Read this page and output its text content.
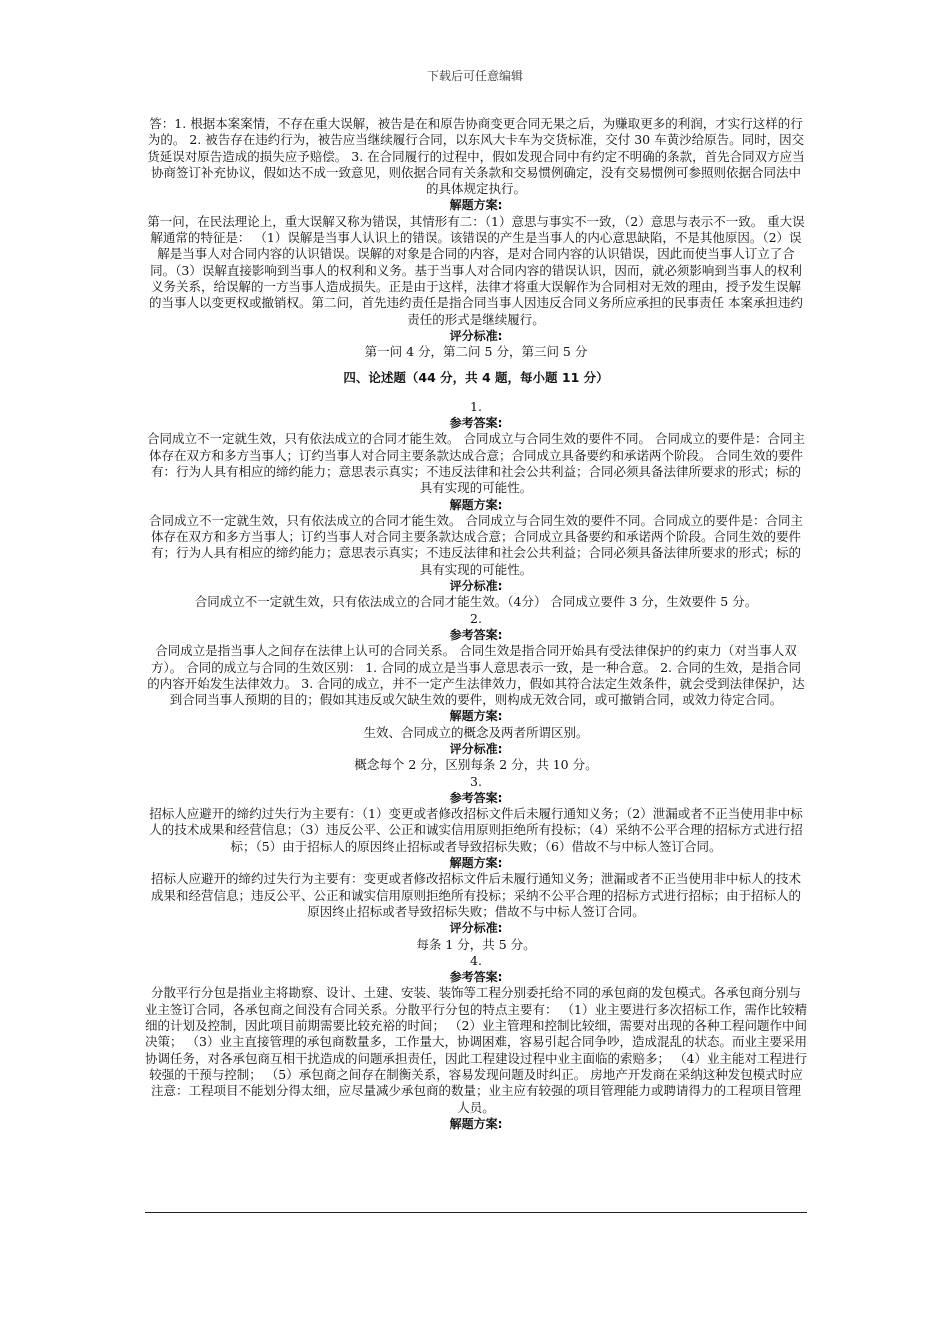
下载后可任意编辑

答：1. 根据本案案情，不存在重大误解，被告是在和原告协商变更合同无果之后，为赚取更多的利润，才实行这样的行为的。 2. 被告存在违约行为，被告应当继续履行合同，以东风大卡车为交货标准，交付 30 车黄沙给原告。同时，因交货延误对原告造成的损失应予赔偿。 3. 在合同履行的过程中，假如发现合同中有约定不明确的条款，首先合同双方应当协商签订补充协议，假如达不成一致意见，则依据合同有关条款和交易惯例确定，没有交易惯例可参照则依据合同法中的具体规定执行。

解题方案:

第一问，在民法理论上，重大误解又称为错误，其情形有二：（1）意思与事实不一致，（2）意思与表示不一致。 重大误解通常的特征是： （1）误解是当事人认识上的错误。该错误的产生是当事人的内心意思缺陷，不是其他原因。（2）误解是当事人对合同内容的认识错误。误解的对象是合同的内容，是对合同内容的认识错误，因此而使当事人订立了合同。（3）误解直接影响到当事人的权利和义务。基于当事人对合同内容的错误认识，因而，就必须影响到当事人的权利义务关系，给误解的一方当事人造成损失。正是由于这样，法律才将重大误解作为合同相对无效的理由，授予发生误解的当事人以变更权或撤销权。第二问，首先违约责任是指合同当事人因违反合同义务所应承担的民事责任 本案承担违约责任的形式是继续履行。

评分标准:

第一问 4 分，第二问 5 分，第三问 5 分

四、论述题（44 分，共 4 题，每小题 11 分）

1.

参考答案:

合同成立不一定就生效，只有依法成立的合同才能生效。 合同成立与合同生效的要件不同。 合同成立的要件是：合同主体存在双方和多方当事人；订约当事人对合同主要条款达成合意；合同成立具备要约和承诺两个阶段。 合同生效的要件有：行为人具有相应的缔约能力；意思表示真实；不违反法律和社会公共利益；合同必须具备法律所要求的形式；标的具有实现的可能性。

解题方案:

合同成立不一定就生效，只有依法成立的合同才能生效。 合同成立与合同生效的要件不同。合同成立的要件是：合同主体存在双方和多方当事人；订约当事人对合同主要条款达成合意；合同成立具备要约和承诺两个阶段。合同生效的要件有；行为人具有相应的缔约能力；意思表示真实；不违反法律和社会公共利益；合同必须具备法律所要求的形式；标的具有实现的可能性。

评分标准:

合同成立不一定就生效，只有依法成立的合同才能生效。（4分） 合同成立要件 3 分，生效要件 5 分。

2.

参考答案:

合同成立是指当事人之间存在法律上认可的合同关系。 合同生效是指合同开始具有受法律保护的约束力（对当事人双方）。 合同的成立与合同的生效区别： 1. 合同的成立是当事人意思表示一致，是一种合意。 2. 合同的生效，是指合同的内容开始发生法律效力。 3. 合同的成立，并不一定产生法律效力，假如其符合法定生效条件，就会受到法律保护，达到合同当事人预期的目的；假如其违反或欠缺生效的要件，则构成无效合同，或可撤销合同，或效力待定合同。

解题方案:

生效、合同成立的概念及两者所谓区别。

评分标准:

概念每个 2 分，区别每条 2 分，共 10 分。

3.

参考答案:

招标人应避开的缔约过失行为主要有：（1）变更或者修改招标文件后未履行通知义务；（2）泄漏或者不正当使用非中标人的技术成果和经营信息；（3）违反公平、公正和诚实信用原则拒绝所有投标；（4）采纳不公平合理的招标方式进行招标；（5）由于招标人的原因终止招标或者导致招标失败；（6）借故不与中标人签订合同。

解题方案:

招标人应避开的缔约过失行为主要有：变更或者修改招标文件后未履行通知义务；泄漏或者不正当使用非中标人的技术成果和经营信息；违反公平、公正和诚实信用原则拒绝所有投标；采纳不公平合理的招标方式进行招标；由于招标人的原因终止招标或者导致招标失败；借故不与中标人签订合同。

评分标准:

每条 1 分，共 5 分。

4.

参考答案:

分散平行分包是指业主将勘察、设计、土建、安装、装饰等工程分别委托给不同的承包商的发包模式。各承包商分别与业主签订合同，各承包商之间没有合同关系。分散平行分包的特点主要有： （1）业主要进行多次招标工作，需作比较精细的计划及控制，因此项目前期需要比较充裕的时间； （2）业主管理和控制比较细，需要对出现的各种工程问题作中间决策； （3）业主直接管理的承包商数量多，工作量大，协调困难，容易引起合同争吵，造成混乱的状态。而业主要采用协调任务，对各承包商互相干扰造成的问题承担责任，因此工程建设过程中业主面临的索赔多； （4）业主能对工程进行较强的干预与控制； （5）承包商之间存在制衡关系，容易发现问题及时纠正。 房地产开发商在采纳这种发包模式时应注意：工程项目不能划分得太细，应尽量减少承包商的数量；业主应有较强的项目管理能力或聘请得力的工程项目管理人员。

解题方案:
